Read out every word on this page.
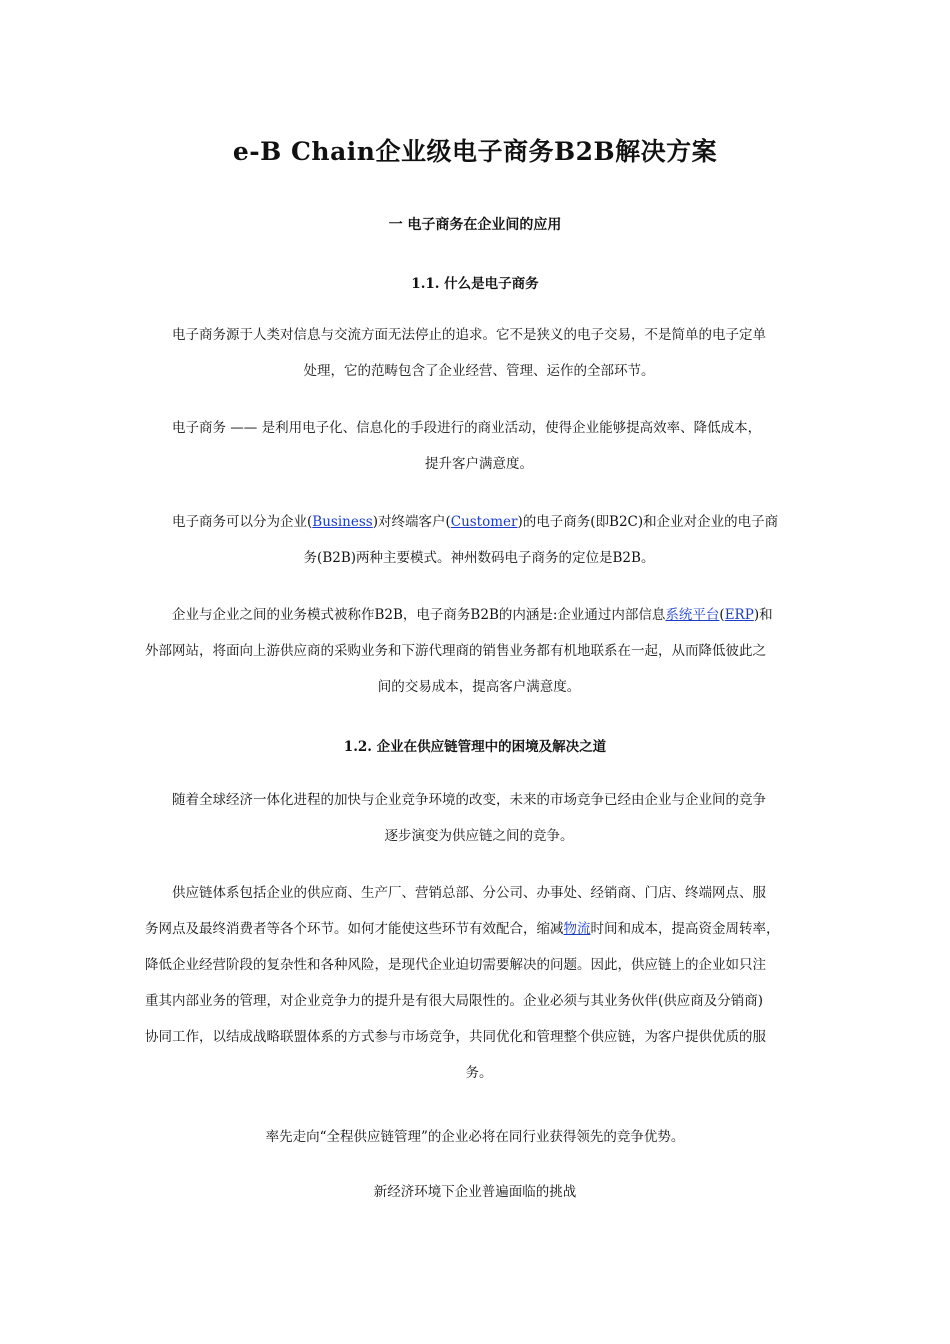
e-B Chain企业级电子商务B2B解决方案
一 电子商务在企业间的应用
1.1. 什么是电子商务

电子商务源于人类对信息与交流方面无法停止的追求。它不是狭义的电子交易，不是简单的电子定单
处理，它的范畴包含了企业经营、管理、运作的全部环节。

电子商务 —— 是利用电子化、信息化的手段进行的商业活动，使得企业能够提高效率、降低成本，
提升客户满意度。

电子商务可以分为企业(Business)对终端客户(Customer)的电子商务(即B2C)和企业对企业的电子商
务(B2B)两种主要模式。神州数码电子商务的定位是B2B。

企业与企业之间的业务模式被称作B2B，电子商务B2B的内涵是:企业通过内部信息系统平台(ERP)和
外部网站，将面向上游供应商的采购业务和下游代理商的销售业务都有机地联系在一起，从而降低彼此之
间的交易成本，提高客户满意度。

1.2. 企业在供应链管理中的困境及解决之道

随着全球经济一体化进程的加快与企业竞争环境的改变，未来的市场竞争已经由企业与企业间的竞争
逐步演变为供应链之间的竞争。

供应链体系包括企业的供应商、生产厂、营销总部、分公司、办事处、经销商、门店、终端网点、服
务网点及最终消费者等各个环节。如何才能使这些环节有效配合，缩减物流时间和成本，提高资金周转率，
降低企业经营阶段的复杂性和各种风险，是现代企业迫切需要解决的问题。因此，供应链上的企业如只注
重其内部业务的管理，对企业竞争力的提升是有很大局限性的。企业必须与其业务伙伴(供应商及分销商)
协同工作，以结成战略联盟体系的方式参与市场竞争，共同优化和管理整个供应链，为客户提供优质的服
务。

率先走向“全程供应链管理”的企业必将在同行业获得领先的竞争优势。

新经济环境下企业普遍面临的挑战
